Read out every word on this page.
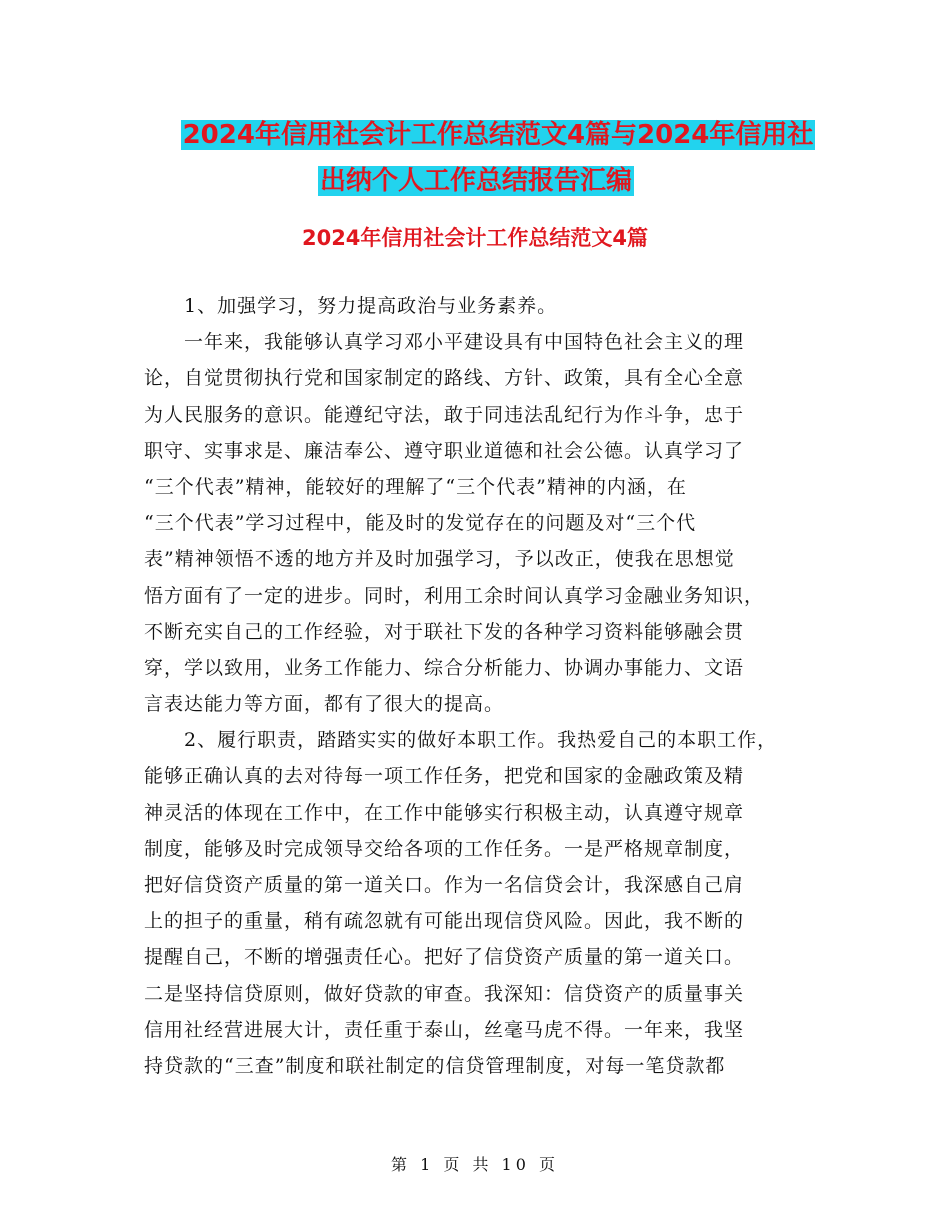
2024年信用社会计工作总结范文4篇与2024年信用社
出纳个人工作总结报告汇编
2024年信用社会计工作总结范文4篇
1、加强学习，努力提高政治与业务素养。
一年来，我能够认真学习邓小平建设具有中国特色社会主义的理
论，自觉贯彻执行党和国家制定的路线、方针、政策，具有全心全意
为人民服务的意识。能遵纪守法，敢于同违法乱纪行为作斗争，忠于
职守、实事求是、廉洁奉公、遵守职业道德和社会公德。认真学习了
“三个代表”精神，能较好的理解了“三个代表”精神的内涵，在
“三个代表”学习过程中，能及时的发觉存在的问题及对“三个代
表”精神领悟不透的地方并及时加强学习，予以改正，使我在思想觉
悟方面有了一定的进步。同时，利用工余时间认真学习金融业务知识，
不断充实自己的工作经验，对于联社下发的各种学习资料能够融会贯
穿，学以致用，业务工作能力、综合分析能力、协调办事能力、文语
言表达能力等方面，都有了很大的提高。
2、履行职责，踏踏实实的做好本职工作。我热爱自己的本职工作，
能够正确认真的去对待每一项工作任务，把党和国家的金融政策及精
神灵活的体现在工作中，在工作中能够实行积极主动，认真遵守规章
制度，能够及时完成领导交给各项的工作任务。一是严格规章制度，
把好信贷资产质量的第一道关口。作为一名信贷会计，我深感自己肩
上的担子的重量，稍有疏忽就有可能出现信贷风险。因此，我不断的
提醒自己，不断的增强责任心。把好了信贷资产质量的第一道关口。
二是坚持信贷原则，做好贷款的审查。我深知：信贷资产的质量事关
信用社经营进展大计，责任重于泰山，丝毫马虎不得。一年来，我坚
持贷款的“三查”制度和联社制定的信贷管理制度，对每一笔贷款都
第 1 页 共 10 页
